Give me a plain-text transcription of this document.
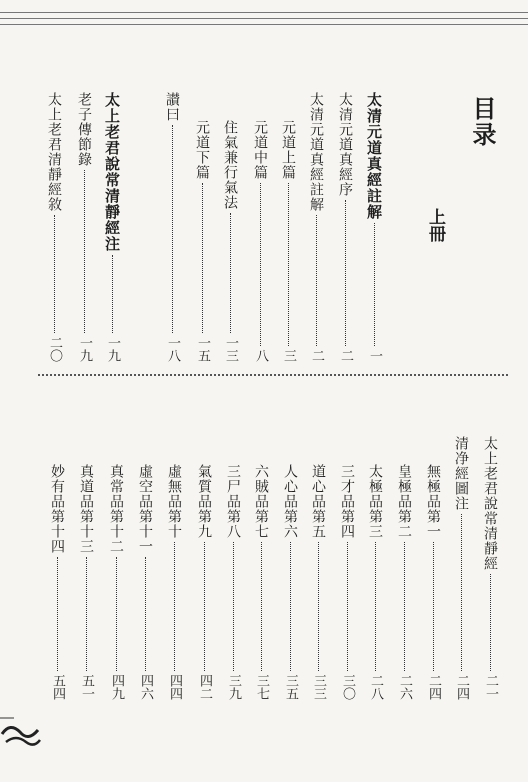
目录
上冊
太清元道真經註解
一
太清元道真經序
二
太清元道真經註解
二
元道上篇
三
元道中篇
八
住氣兼行氣法
一三
元道下篇
一五
讃曰
一八
太上老君說常清靜經注
一九
老子傳節錄
一九
太上老君清靜經敘
二〇
太上老君說常清靜經
二一
清净經圖注
二四
無極品第一
二四
皇極品第二
二六
太極品第三
二八
三才品第四
三〇
道心品第五
三三
人心品第六
三五
六賊品第七
三七
三尸品第八
三九
氣質品第九
四二
虛無品第十
四四
虛空品第十一
四六
真常品第十二
四九
真道品第十三
五一
妙有品第十四
五四
